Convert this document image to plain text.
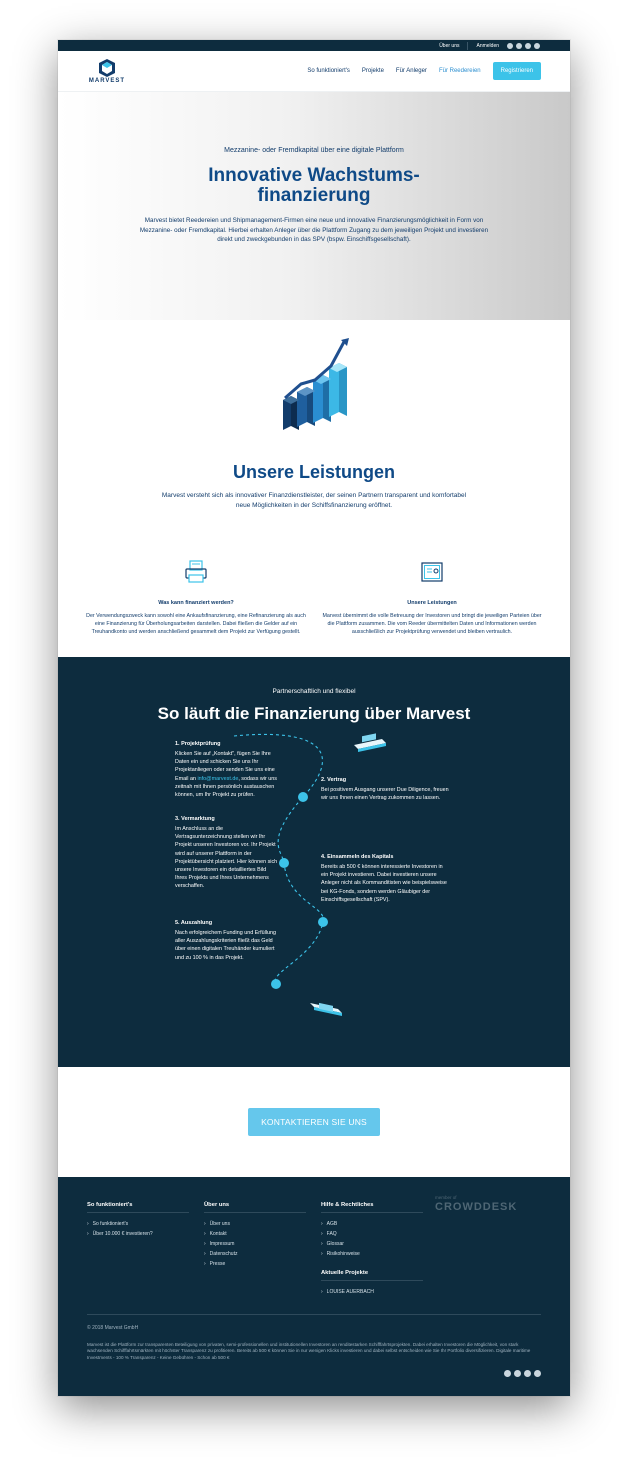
Über uns	Anmelden
MARVEST
So funktioniert's Projekte Für Anleger Für Reedereien	Registrieren
Mezzanine- oder Fremdkapital über eine digitale Plattform
Innovative Wachstums-
finanzierung

Marvest bietet Reedereien und Shipmanagement-Firmen eine neue und innovative Finanzierungsmöglichkeit in Form von Mezzanine- oder Fremdkapital. Hierbei erhalten Anleger über die Plattform Zugang zu dem jeweiligen Projekt und investieren direkt und zweckgebunden in das SPV (bspw. Einschiffsgesellschaft).

Unsere Leistungen

Marvest versteht sich als innovativer Finanzdienstleister, der seinen Partnern transparent und komfortabel neue Möglichkeiten in der Schiffsfinanzierung eröffnet.

Was kann finanziert werden?

Der Verwendungszweck kann sowohl eine Ankaufsfinanzierung, eine Refinanzierung als auch eine Finanzierung für Überholungsarbeiten darstellen. Dabei fließen die Gelder auf ein Treuhandkonto und werden anschließend gesammelt dem Projekt zur Verfügung gestellt.

Unsere Leistungen

Marvest übernimmt die volle Betreuung der Investoren und bringt die jeweiligen Parteien über die Plattform zusammen. Die vom Reeder übermittelten Daten und Informationen werden ausschließlich zur Projektprüfung verwendet und bleiben vertraulich.

Partnerschaftlich und flexibel
So läuft die Finanzierung über Marvest
1. Projektprüfung

Klicken Sie auf „Kontakt", fügen Sie Ihre Daten ein und schicken Sie uns Ihr Projektanliegen oder senden Sie uns eine Email an info@marvest.de, sodass wir uns zeitnah mit Ihnen persönlich austauschen können, um Ihr Projekt zu prüfen.

2. Vertrag

Bei positivem Ausgang unserer Due Diligence, freuen wir uns Ihnen einen Vertrag zukommen zu lassen.

3. Vermarktung

Im Anschluss an die Vertragsunterzeichnung stellen wir Ihr Projekt unseren Investoren vor. Ihr Projekt wird auf unserer Plattform in der Projektübersicht platziert. Hier können sich unsere Investoren ein detailliertes Bild Ihres Projekts und Ihres Unternehmens verschaffen.

4. Einsammeln des Kapitals

Bereits ab 500 € können interessierte Investoren in ein Projekt investieren. Dabei investieren unsere Anleger nicht als Kommanditisten wie beispielsweise bei KG-Fonds, sondern werden Gläubiger der Einschiffsgesellschaft (SPV).

5. Auszahlung

Nach erfolgreichem Funding und Erfüllung aller Auszahlungskriterien fließt das Geld über einen digitalen Treuhänder kumuliert und zu 100 % in das Projekt.

KONTAKTIEREN SIE UNS
So funktioniert's
› So funktioniert's
› Über 10.000 € investieren?
Über uns
› Über uns
› Kontakt
› Impressum
› Datenschutz
› Presse
Hilfe & Rechtliches
› AGB
› FAQ
› Glossar
› Risikohinweise
Aktuelle Projekte
› LOUISE AUERBACH
member of
CROWDDESK
© 2018 Marvest GmbH
Marvest ist die Plattform zur transparenten Beteiligung von privaten, semi-professionellen und institutionellen Investoren an renditestarken Schifffahrtsprojekten. Dabei erhalten Investoren die Möglichkeit, von stark wachsenden Schifffahrtsmärkten mit höchster Transparenz zu profitieren. Bereits ab 500 € können Sie in nur wenigen Klicks investieren und dabei selbst entscheiden wie Sie Ihr Portfolio diversifizieren. Digitale maritime Investments - 100 % Transparenz - Keine Gebühren - Schon ab 500 €
